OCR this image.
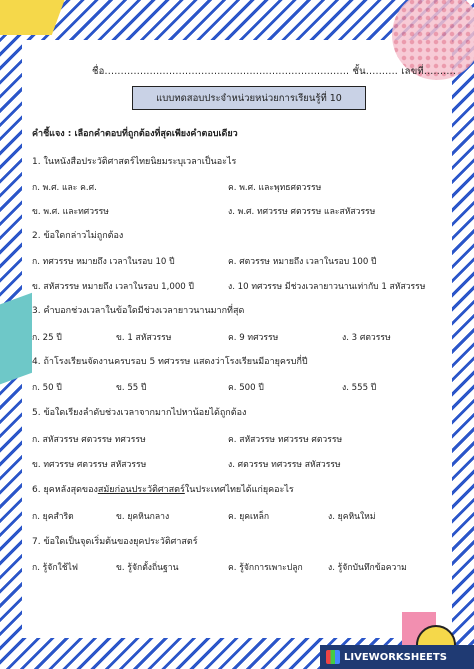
ชื่อ............................................................................ ชั้น.......... เลขที่..........
แบบทดสอบประจำหน่วยหน่วยการเรียนรู้ที่ 10
คำชี้แจง : เลือกคำตอบที่ถูกต้องที่สุดเพียงคำตอบเดียว
1. ในหนังสือประวัติศาสตร์ไทยนิยมระบุเวลาเป็นอะไร
ก. พ.ศ. และ ค.ศ.	ค. พ.ศ. และพุทธศตวรรษ
ข. พ.ศ. และทศวรรษ	ง. พ.ศ. ทศวรรษ ศตวรรษ และสหัสวรรษ
2. ข้อใดกล่าวไม่ถูกต้อง
ก. ทศวรรษ หมายถึง เวลาในรอบ 10 ปี	ค. ศตวรรษ หมายถึง เวลาในรอบ 100 ปี
ข. สหัสวรรษ หมายถึง เวลาในรอบ 1,000 ปี	ง. 10 ทศวรรษ มีช่วงเวลายาวนานเท่ากับ 1 สหัสวรรษ
3. คำบอกช่วงเวลาในข้อใดมีช่วงเวลายาวนานมากที่สุด
ก. 25 ปี	ข. 1 สหัสวรรษ	ค. 9 ทศวรรษ	ง. 3 ศตวรรษ
4. ถ้าโรงเรียนจัดงานครบรอบ 5 ทศวรรษ แสดงว่าโรงเรียนมีอายุครบกี่ปี
ก. 50 ปี	ข. 55 ปี	ค. 500 ปี	ง. 555 ปี
5. ข้อใดเรียงลำดับช่วงเวลาจากมากไปหาน้อยได้ถูกต้อง
ก. สหัสวรรษ ศตวรรษ ทศวรรษ	ค. สหัสวรรษ ทศวรรษ ศตวรรษ
ข. ทศวรรษ ศตวรรษ สหัสวรรษ	ง. ศตวรรษ ทศวรรษ สหัสวรรษ
6. ยุคหลังสุดของสมัยก่อนประวัติศาสตร์ในประเทศไทยได้แก่ยุคอะไร
ก. ยุคสำริด	ข. ยุคหินกลาง	ค. ยุคเหล็ก	ง. ยุคหินใหม่
7. ข้อใดเป็นจุดเริ่มต้นของยุคประวัติศาสตร์
ก. รู้จักใช้ไฟ	ข. รู้จักตั้งถิ่นฐาน	ค. รู้จักการเพาะปลูก	ง. รู้จักบันทึกข้อความ
LIVEWORKSHEETS
